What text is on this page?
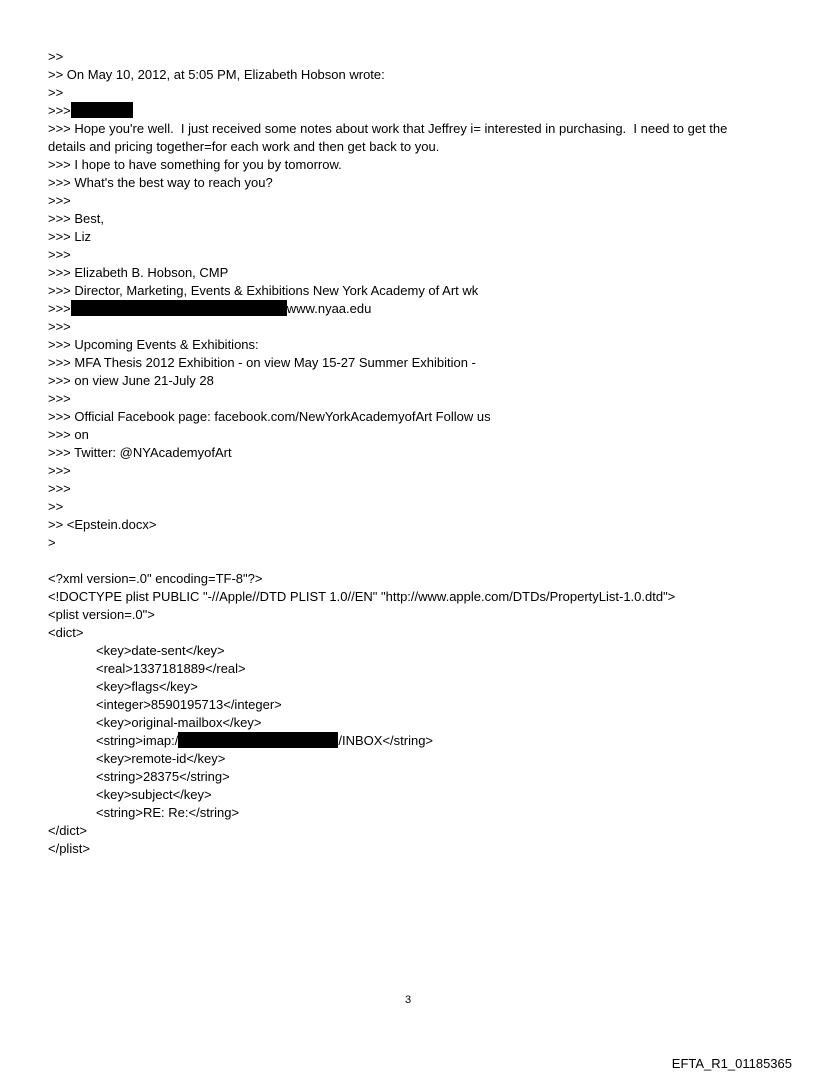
>>
>> On May 10, 2012, at 5:05 PM, Elizabeth Hobson wrote:
>>
>>>
>>> Hope you're well.  I just received some notes about work that Jeffrey i= interested in purchasing.  I need to get the
details and pricing together=for each work and then get back to you.
>>> I hope to have something for you by tomorrow.
>>> What's the best way to reach you?
>>>
>>> Best,
>>> Liz
>>>
>>> Elizabeth B. Hobson, CMP
>>> Director, Marketing, Events & Exhibitions New York Academy of Art wk
>>>	www.nyaa.edu
>>>
>>> Upcoming Events & Exhibitions:
>>> MFA Thesis 2012 Exhibition - on view May 15-27 Summer Exhibition -
>>> on view June 21-July 28
>>>
>>> Official Facebook page: facebook.com/NewYorkAcademyofArt Follow us
>>> on
>>> Twitter: @NYAcademyofArt
>>>
>>>
>>
>> <Epstein.docx>
>
<?xml version=.0" encoding=TF-8"?>
<!DOCTYPE plist PUBLIC "-//Apple//DTD PLIST 1.0//EN" "http://www.apple.com/DTDs/PropertyList-1.0.dtd">
<plist version=.0">
<dict>
<key>date-sent</key>
<real>1337181889</real>
<key>flags</key>
<integer>8590195713</integer>
<key>original-mailbox</key>
<string>imap:/	/INBOX</string>
<key>remote-id</key>
<string>28375</string>
<key>subject</key>
<string>RE: Re:</string>
</dict>
</plist>
3
EFTA_R1_01185365
